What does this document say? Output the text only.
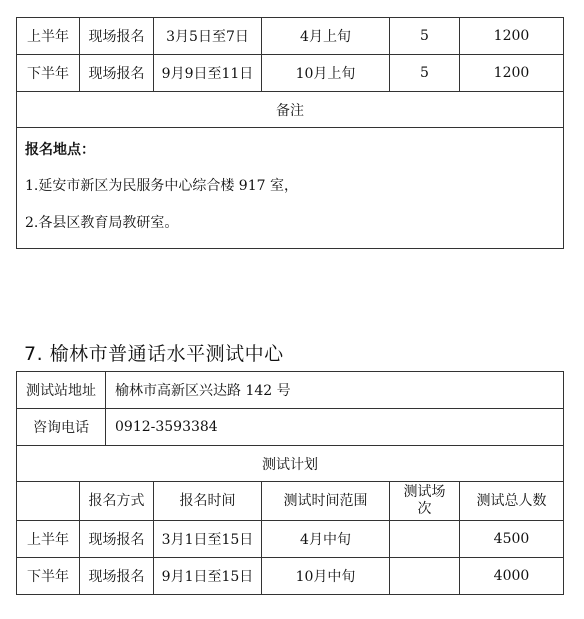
上半年	现场报名	3月5日至7日	4月上旬	5	1200
下半年	现场报名	9月9日至11日	10月上旬	5	1200
备注					

报名地点：

1.延安市新区为民服务中心综合楼 917 室，

2.各县区教育局教研室。					

7. 榆林市普通话水平测试中心
测试站地址		榆林市高新区兴达路 142 号				
咨询电话		0912-3593384				
测试计划						
	报名方式		报名时间	测试时间范围	测试场次	测试总人数
上半年	现场报名		3月1日至15日	4月中旬		4500
下半年	现场报名		9月1日至15日	10月中旬		4000
